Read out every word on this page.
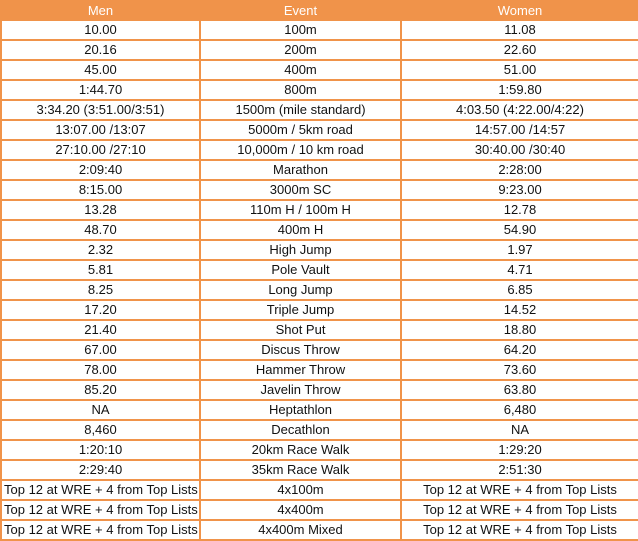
Men	Event	Women
10.00	100m	11.08
20.16	200m	22.60
45.00	400m	51.00
1:44.70	800m	1:59.80
3:34.20 (3:51.00/3:51)	1500m (mile standard)	4:03.50 (4:22.00/4:22)
13:07.00 /13:07	5000m / 5km road	14:57.00 /14:57
27:10.00 /27:10	10,000m / 10 km road	30:40.00 /30:40
2:09:40	Marathon	2:28:00
8:15.00	3000m SC	9:23.00
13.28	110m H / 100m H	12.78
48.70	400m H	54.90
2.32	High Jump	1.97
5.81	Pole Vault	4.71
8.25	Long Jump	6.85
17.20	Triple Jump	14.52
21.40	Shot Put	18.80
67.00	Discus Throw	64.20
78.00	Hammer Throw	73.60
85.20	Javelin Throw	63.80
NA	Heptathlon	6,480
8,460	Decathlon	NA
1:20:10	20km Race Walk	1:29:20
2:29:40	35km Race Walk	2:51:30
Top 12 at WRE + 4 from Top Lists	4x100m	Top 12 at WRE + 4 from Top Lists
Top 12 at WRE + 4 from Top Lists	4x400m	Top 12 at WRE + 4 from Top Lists
Top 12 at WRE + 4 from Top Lists	4x400m Mixed	Top 12 at WRE + 4 from Top Lists
